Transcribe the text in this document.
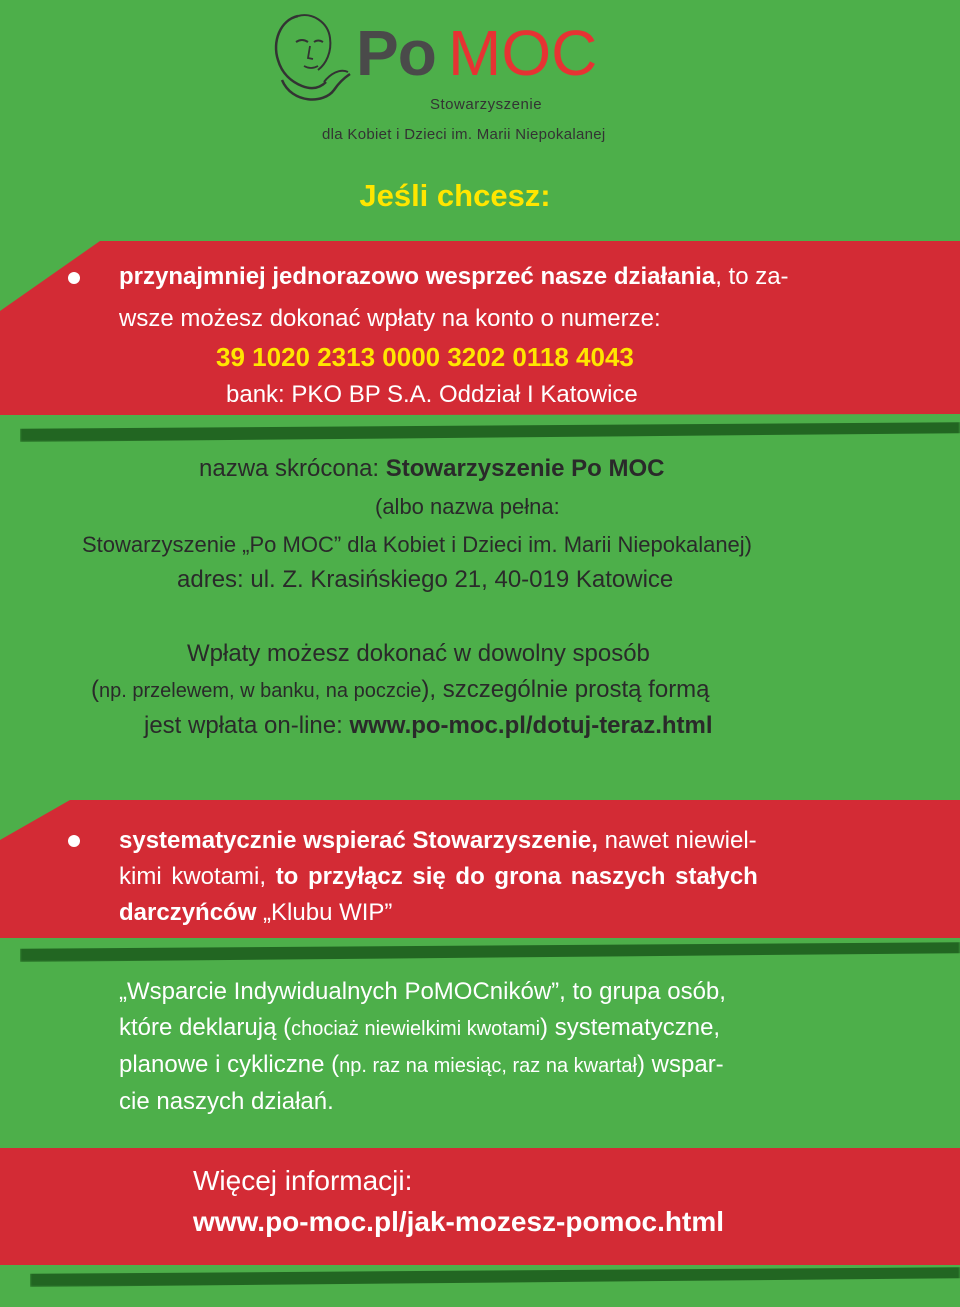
Po MOC
Stowarzyszenie
dla Kobiet i Dzieci im. Marii Niepokalanej
Jeśli chcesz:
przynajmniej jednorazowo wesprzeć nasze działania, to za-
wsze możesz dokonać wpłaty na konto o numerze:
39 1020 2313 0000 3202 0118 4043
bank: PKO BP S.A. Oddział I Katowice
nazwa skrócona: Stowarzyszenie Po MOC
(albo nazwa pełna:
Stowarzyszenie „Po MOC” dla Kobiet i Dzieci im. Marii Niepokalanej)
adres: ul. Z. Krasińskiego 21, 40-019 Katowice
Wpłaty możesz dokonać w dowolny sposób
(np. przelewem, w banku, na poczcie), szczególnie prostą formą
jest wpłata on-line: www.po-moc.pl/dotuj-teraz.html
systematycznie wspierać Stowarzyszenie, nawet niewiel-
kimi kwotami, to przyłącz się do grona naszych stałych
darczyńców „Klubu WIP”
„Wsparcie Indywidualnych PoMOCników”, to grupa osób,
które deklarują (chociaż niewielkimi kwotami) systematyczne,
planowe i cykliczne (np. raz na miesiąc, raz na kwartał) wspar-
cie naszych działań.
Więcej informacji:
www.po-moc.pl/jak-mozesz-pomoc.html
